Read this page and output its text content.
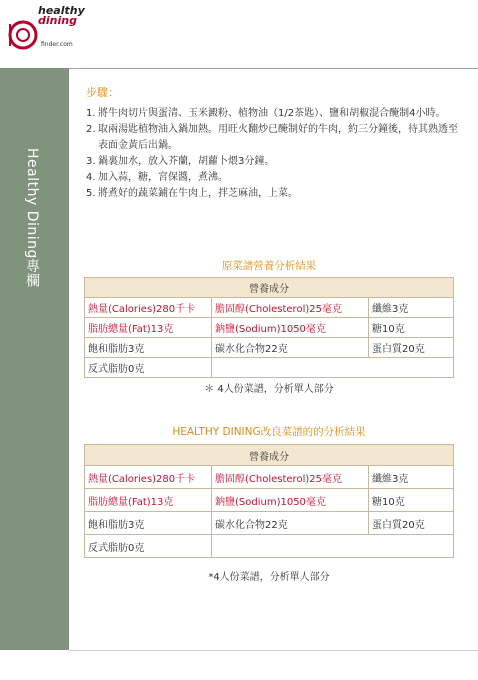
healthy
dining
finder.com
Healthy Dining專欄
步驟：
1. 將牛肉切片與蛋清、玉米澱粉、植物油（1/2茶匙）、鹽和胡椒混合醃制4小時。
2. 取兩湯匙植物油入鍋加熱。用旺火翻炒已醃制好的牛肉，約三分鐘後，待其熟透至表面金黃后出鍋。
3. 鍋裏加水，放入芥蘭，胡蘿卜煨3分鐘。
4. 加入蒜，糖，宮保醬，煮沸。
5. 將煮好的蔬菜鋪在牛肉上，拌芝麻油，上菜。
原菜譜營養分析結果
營養成分		
熱量(Calories)280千卡	膽固醇(Cholesterol)25毫克	纖維3克
脂肪總量(Fat)13克	鈉鹽(Sodium)1050毫克	糖10克
飽和脂肪3克	碳水化合物22克	蛋白質20克
反式脂肪0克		
＊ 4人份菜譜，分析單人部分
HEALTHY DINING改良菜譜的的分析結果
營養成分		
熱量(Calories)280千卡	膽固醇(Cholesterol)25毫克	纖維3克
脂肪總量(Fat)13克	鈉鹽(Sodium)1050毫克	糖10克
飽和脂肪3克	碳水化合物22克	蛋白質20克
反式脂肪0克		
*4人份菜譜，分析單人部分
